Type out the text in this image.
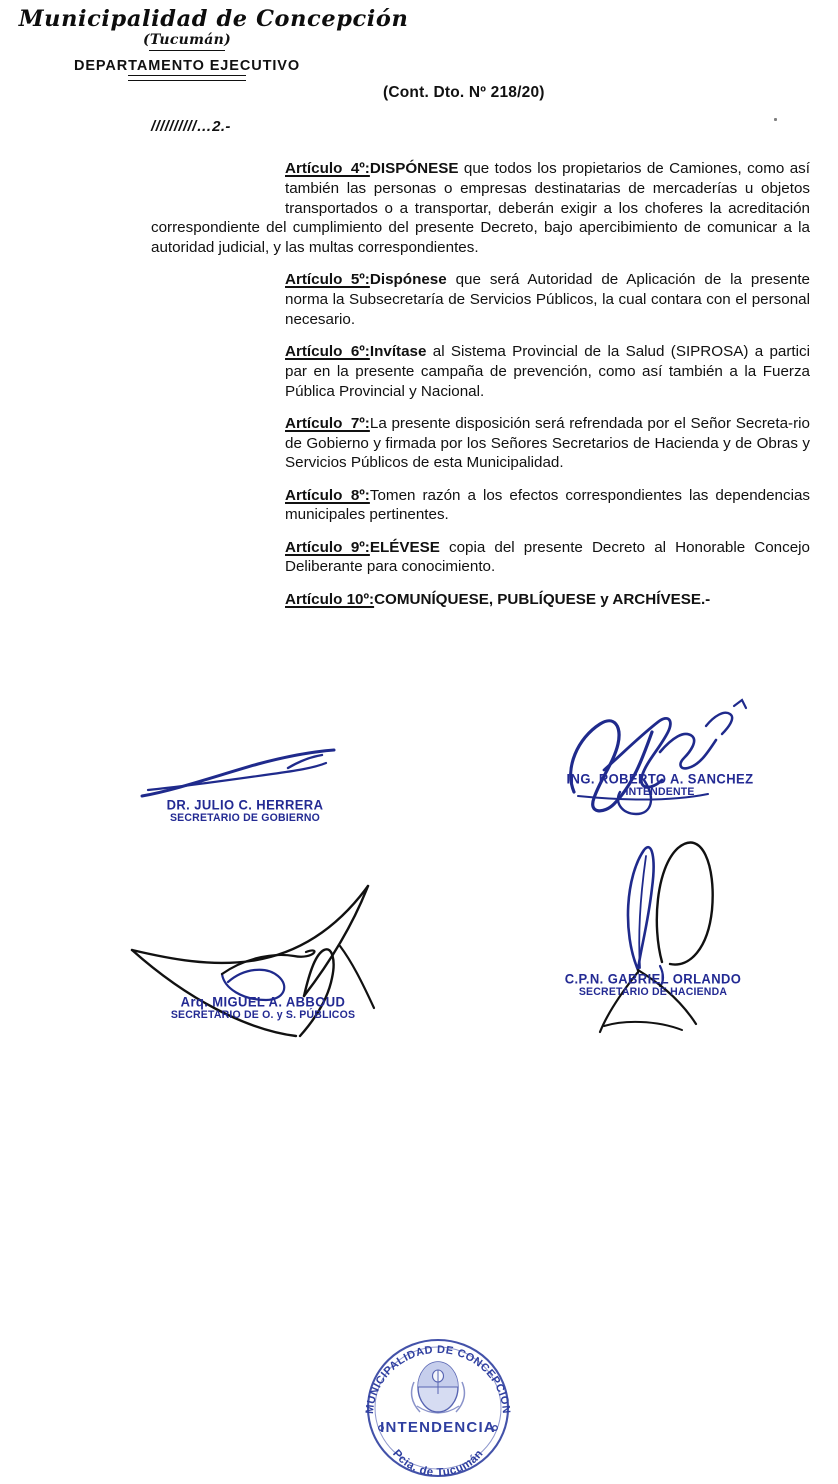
Municipalidad de Concepción
(Tucumán)
DEPARTAMENTO EJECUTIVO
(Cont. Dto. Nº 218/20)
//////////…2.-
Artículo  4º: DISPÓNESE que todos los propietarios de Camiones, como así también las personas o empresas destinatarias de mercaderías u objetos transportados o a transportar, deberán exigir a los choferes la acreditación correspondiente del cumplimiento del presente Decreto, bajo apercibimiento de comunicar a la autoridad judicial, y las multas correspondientes.
Artículo  5º: Dispónese que será Autoridad de Aplicación de la presente norma la Subsecretaría de Servicios Públicos, la cual contara con el personal necesario.
Artículo  6º: Invítase al Sistema Provincial de la Salud (SIPROSA) a partici par en la presente campaña de prevención, como así también a la Fuerza Pública Provincial y Nacional.
Artículo  7º: La presente disposición será refrendada por el Señor Secreta-rio de Gobierno y firmada por los Señores Secretarios de Hacienda y de Obras y Servicios Públicos de esta Municipalidad.
Artículo  8º: Tomen razón a los efectos correspondientes las dependencias municipales pertinentes.
Artículo  9º: ELÉVESE copia del presente Decreto al Honorable Concejo Deliberante para conocimiento.
Artículo 10º: COMUNÍQUESE, PUBLÍQUESE y ARCHÍVESE.-
MUNICIPALIDAD DE CONCEPCION
Pcia. de Tucumán
INTENDENCIA
DR. JULIO C. HERRERA
SECRETARIO DE GOBIERNO
ING. ROBERTO A. SANCHEZ
INTENDENTE
Arq. MIGUEL A. ABBOUD
SECRETARIO DE O. y S. PÚBLICOS
C.P.N. GABRIEL ORLANDO
SECRETARIO DE HACIENDA
